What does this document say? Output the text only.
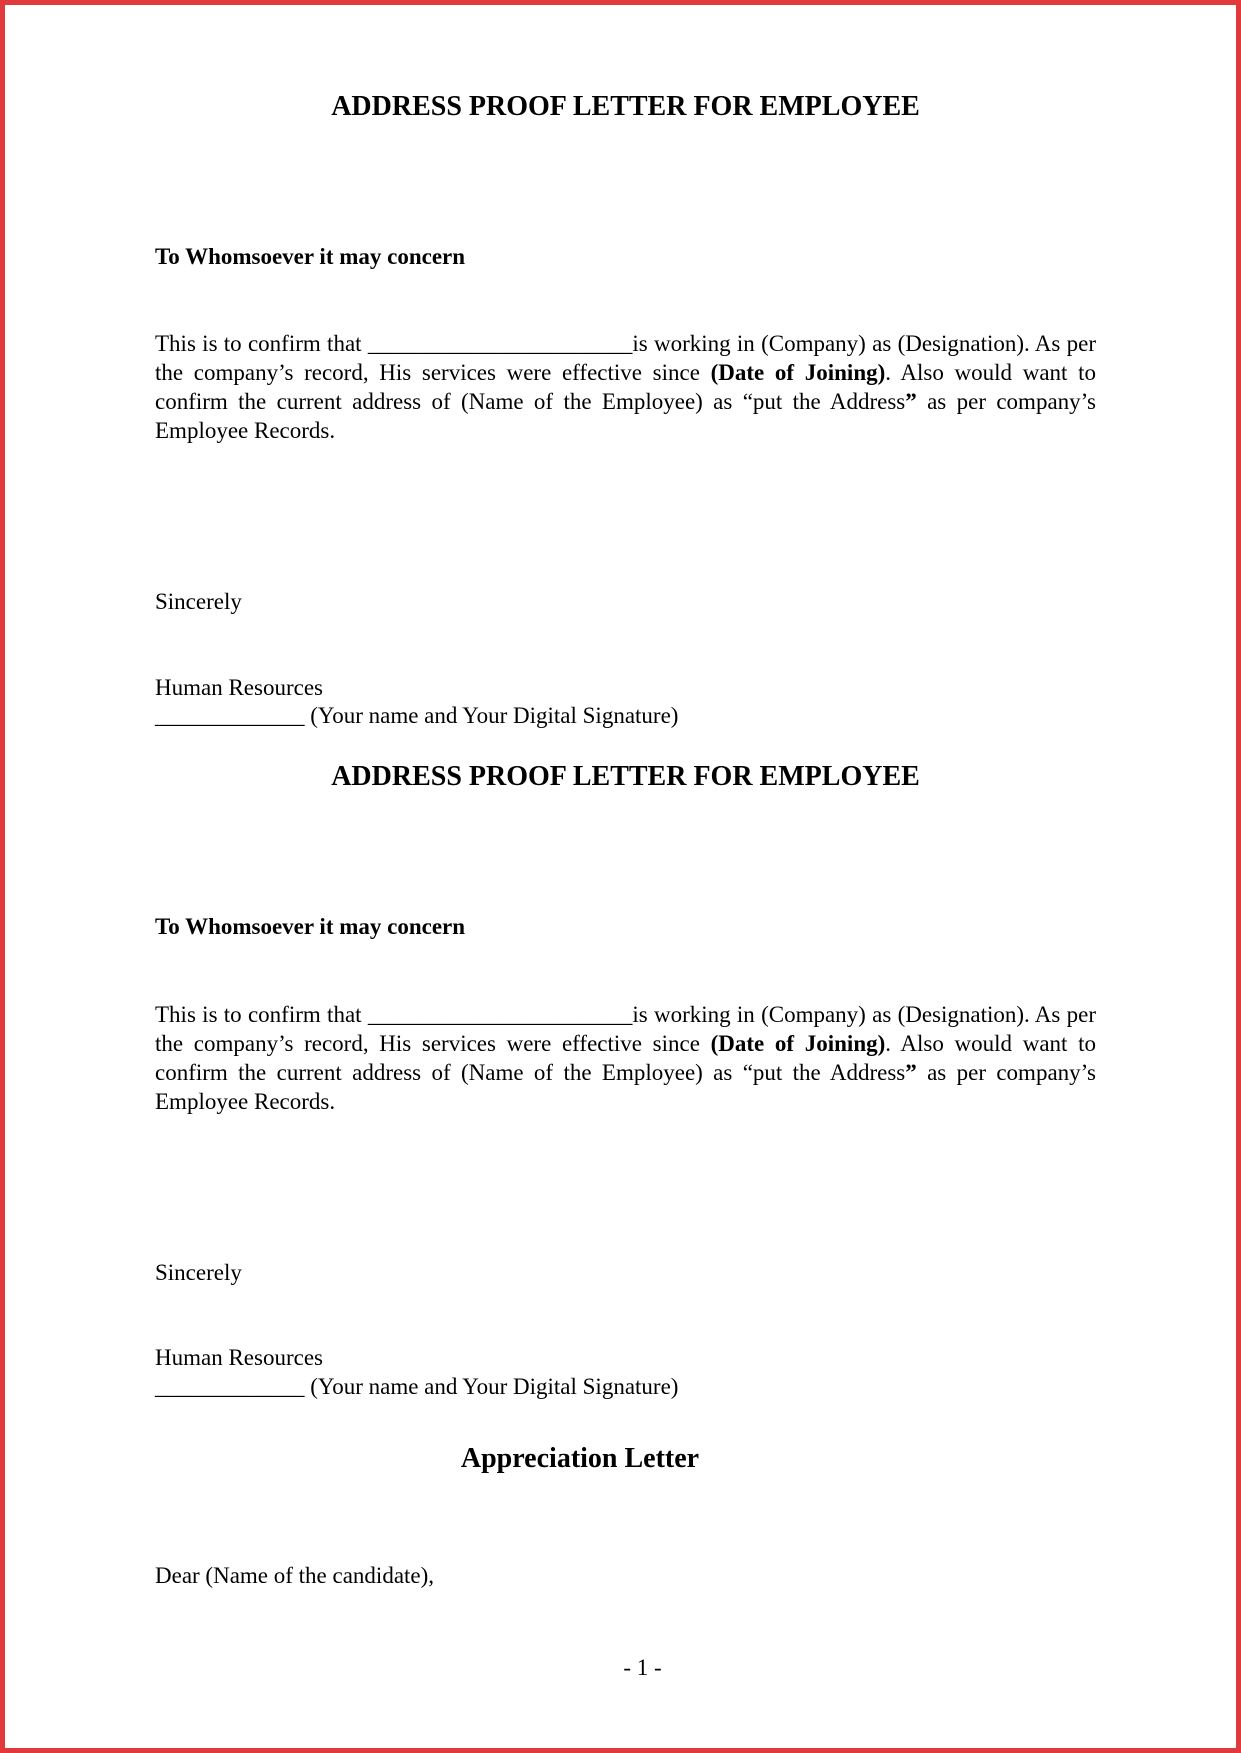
ADDRESS PROOF LETTER FOR EMPLOYEE
To Whomsoever it may concern
This is to confirm that _______________________is working in (Company) as (Designation). As per the company’s record, His services were effective since (Date of Joining). Also would want to confirm the current address of (Name of the Employee) as “put the Address” as per company’s Employee Records.
Sincerely
Human Resources
_____________ (Your name and Your Digital Signature)
ADDRESS PROOF LETTER FOR EMPLOYEE
To Whomsoever it may concern
This is to confirm that _______________________is working in (Company) as (Designation). As per the company’s record, His services were effective since (Date of Joining). Also would want to confirm the current address of (Name of the Employee) as “put the Address” as per company’s Employee Records.
Sincerely
Human Resources
_____________ (Your name and Your Digital Signature)
Appreciation Letter
Dear (Name of the candidate),
- 1 -
